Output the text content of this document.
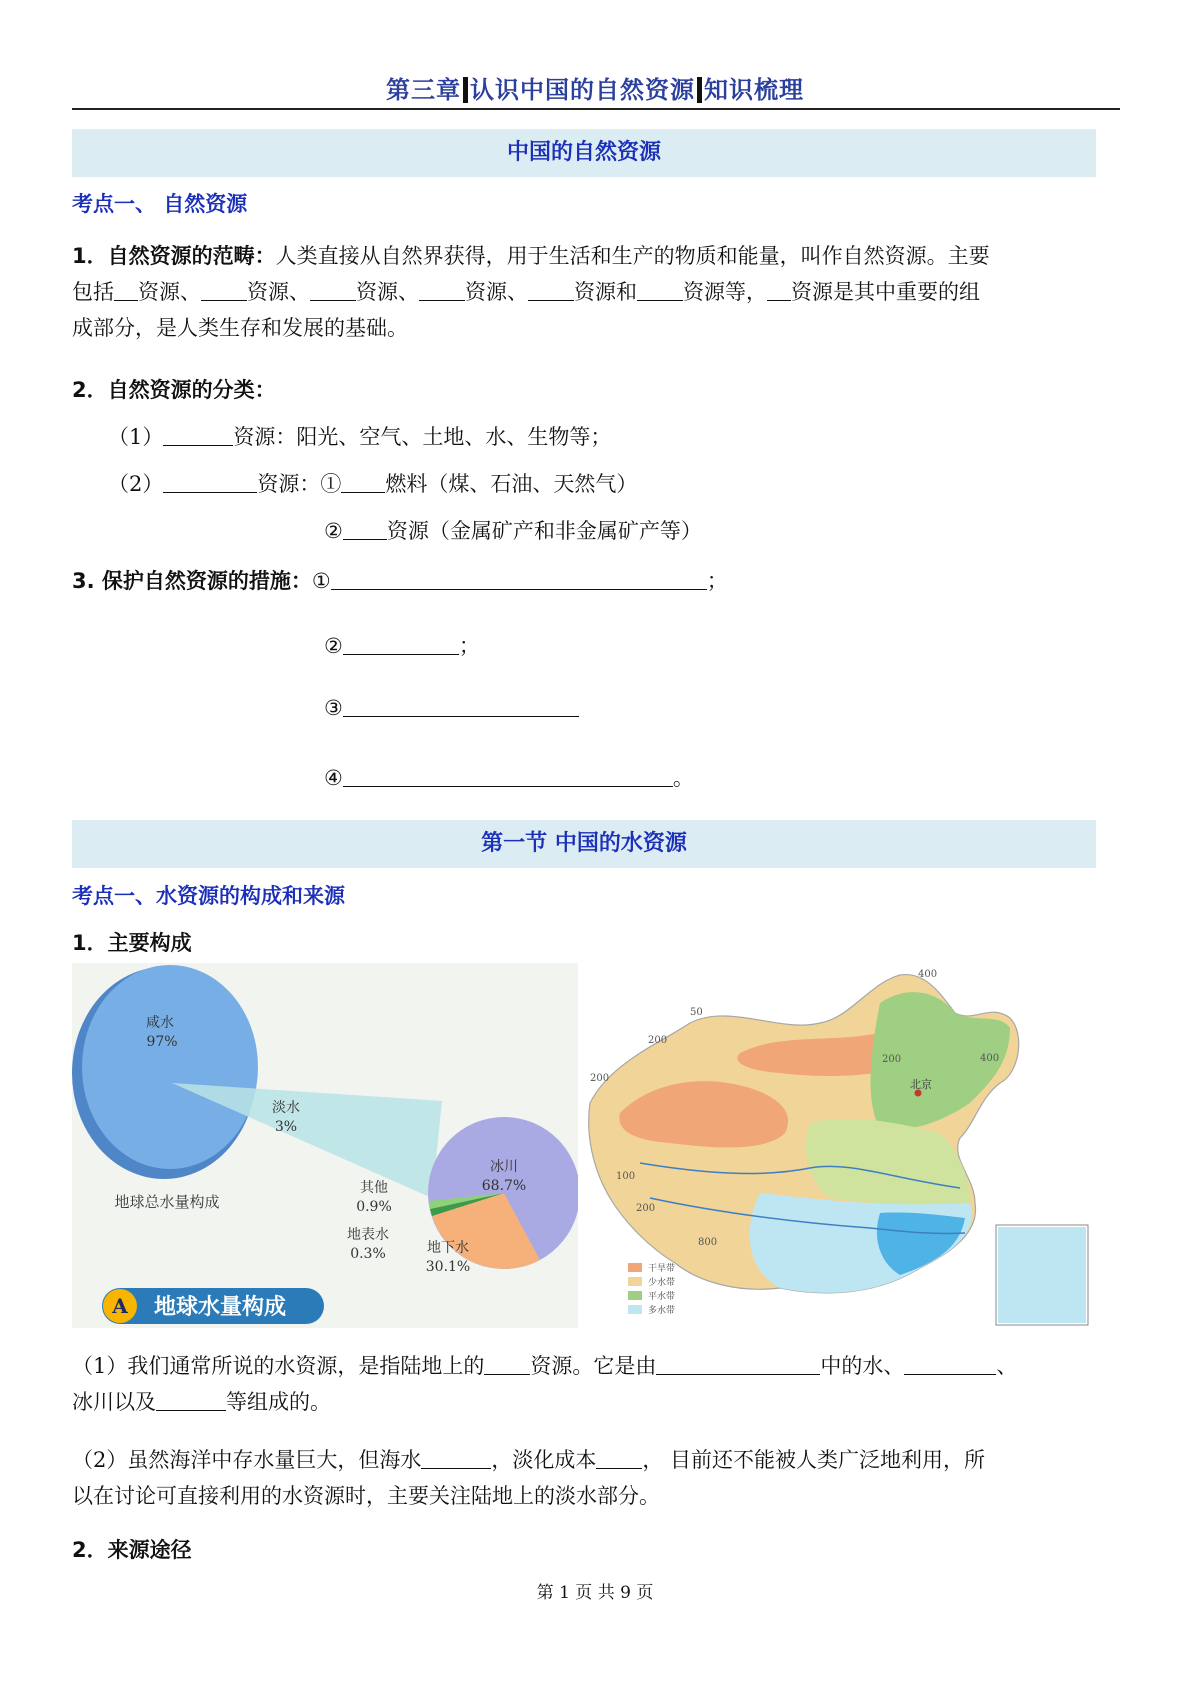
第三章 认识中国的自然资源 知识梳理
中国的自然资源
考点一、 自然资源
1．自然资源的范畴：人类直接从自然界获得，用于生活和生产的物质和能量，叫作自然资源。主要
包括 资源、 资源、 资源、 资源、 资源和 资源等， 资源是其中重要的组
成部分，是人类生存和发展的基础。
2．自然资源的分类：
（1）	资源：阳光、空气、土地、水、生物等；
（2）	资源：① 燃料（煤、石油、天然气）
② 资源（金属矿产和非金属矿产等）
3. 保护自然资源的措施：①	；
②	；
③
④	。
第一节 中国的水资源
考点一、水资源的构成和来源
1．主要构成
咸水
97%
淡水
3%
地球总水量构成
冰川
68.7%
其他
0.9%
地表水
0.3%	地下水
30.1%
A 地球水量构成
北京
400
200
200
100
50
200	400
800
200
干旱带
少水带
平水带
多水带
（1）我们通常所说的水资源，是指陆地上的 资源。它是由	中的水、	、
冰川以及	等组成的。
（2）虽然海洋中存水量巨大，但海水	，淡化成本 ， 目前还不能被人类广泛地利用，所
以在讨论可直接利用的水资源时，主要关注陆地上的淡水部分。
2．来源途径
第 1 页 共 9 页
